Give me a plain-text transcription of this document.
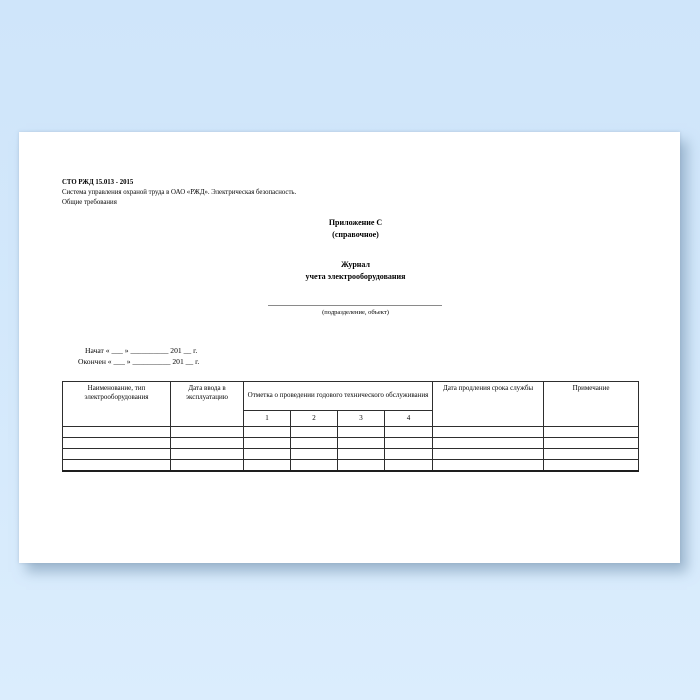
СТО РЖД 15.013 - 2015
Система управления охраной труда в ОАО «РЖД». Электрическая безопасность.
Общие требования
Приложение С
(справочное)
Журнал
учета электрооборудования
(подразделение, объект)
Начат « ___ » __________ 201 __ г.
Окончен « ___ » __________ 201 __ г.
Наименование, тип электрооборудования	Дата ввода в эксплуатацию	Отметка о проведении годового технического обслуживания				Дата продления срока службы	Примечание
		1	2	3	4		
